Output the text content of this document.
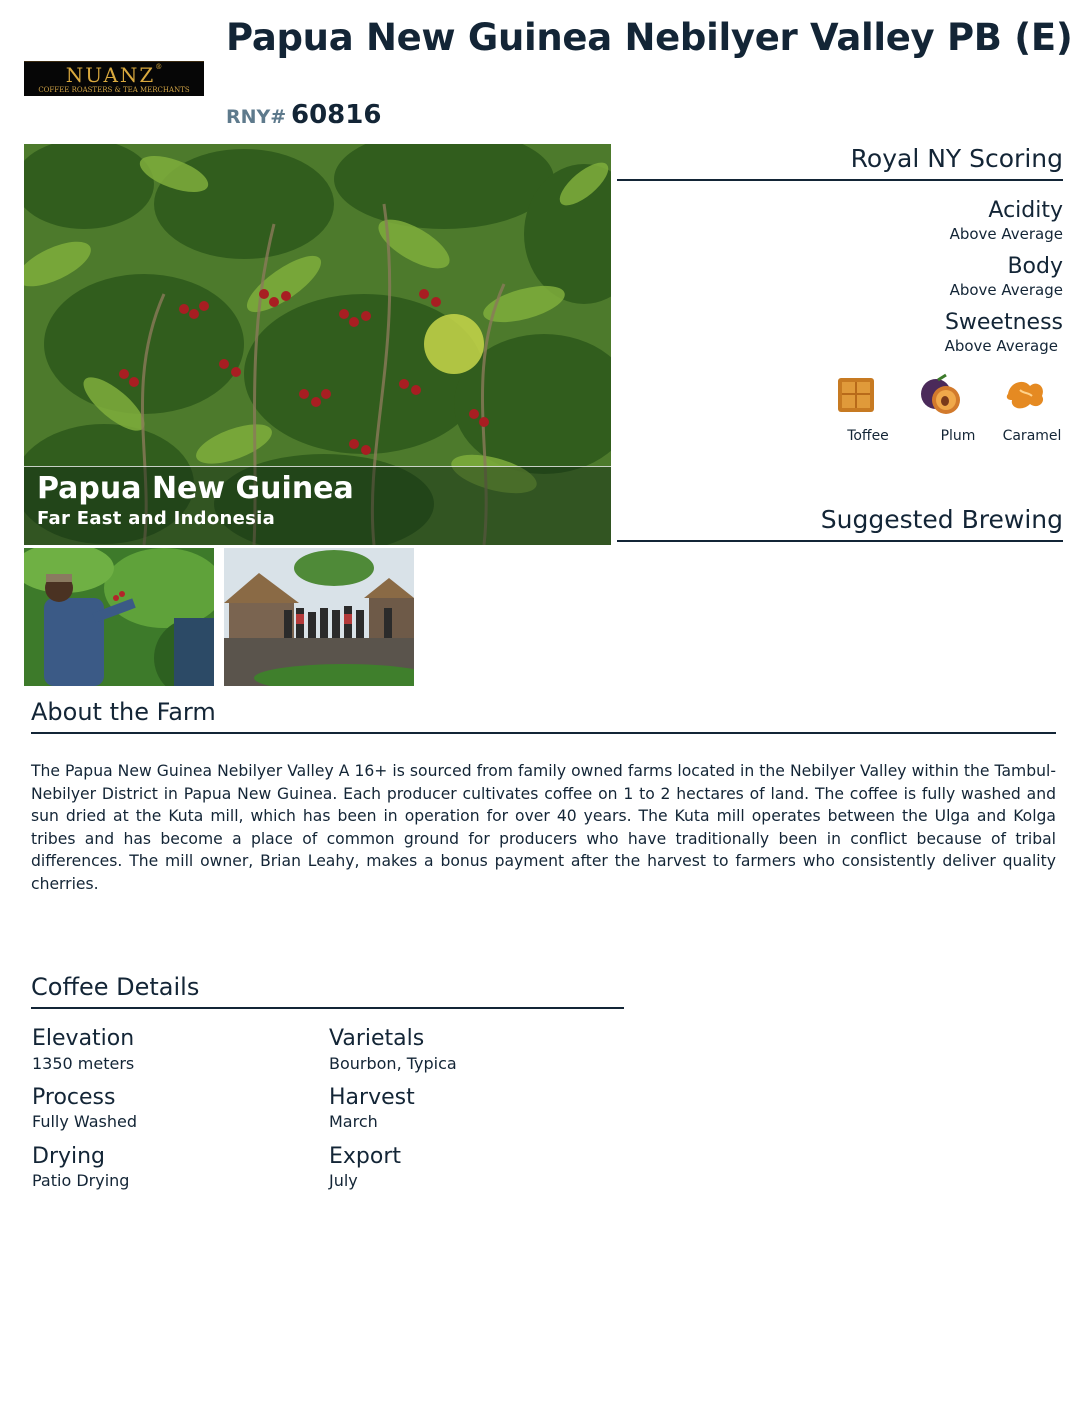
NUANZ®
COFFEE ROASTERS & TEA MERCHANTS
Papua New Guinea Nebilyer Valley PB (E)
RNY# 60816
Papua New Guinea
Far East and Indonesia
Royal NY Scoring
Acidity
Above Average
Body
Above Average
Sweetness
Above Average
Toffee	Plum	Caramel
Suggested Brewing
About the Farm
The Papua New Guinea Nebilyer Valley A 16+ is sourced from family owned farms located in the Nebilyer Valley within the Tambul-Nebilyer District in Papua New Guinea. Each producer cultivates coffee on 1 to 2 hectares of land. The coffee is fully washed and sun dried at the Kuta mill, which has been in operation for over 40 years. The Kuta mill operates between the Ulga and Kolga tribes and has become a place of common ground for producers who have traditionally been in conflict because of tribal differences. The mill owner, Brian Leahy, makes a bonus payment after the harvest to farmers who consistently deliver quality cherries.
Coffee Details
Elevation
1350 meters
Varietals
Bourbon, Typica
Process
Fully Washed
Harvest
March
Drying
Patio Drying
Export
July
